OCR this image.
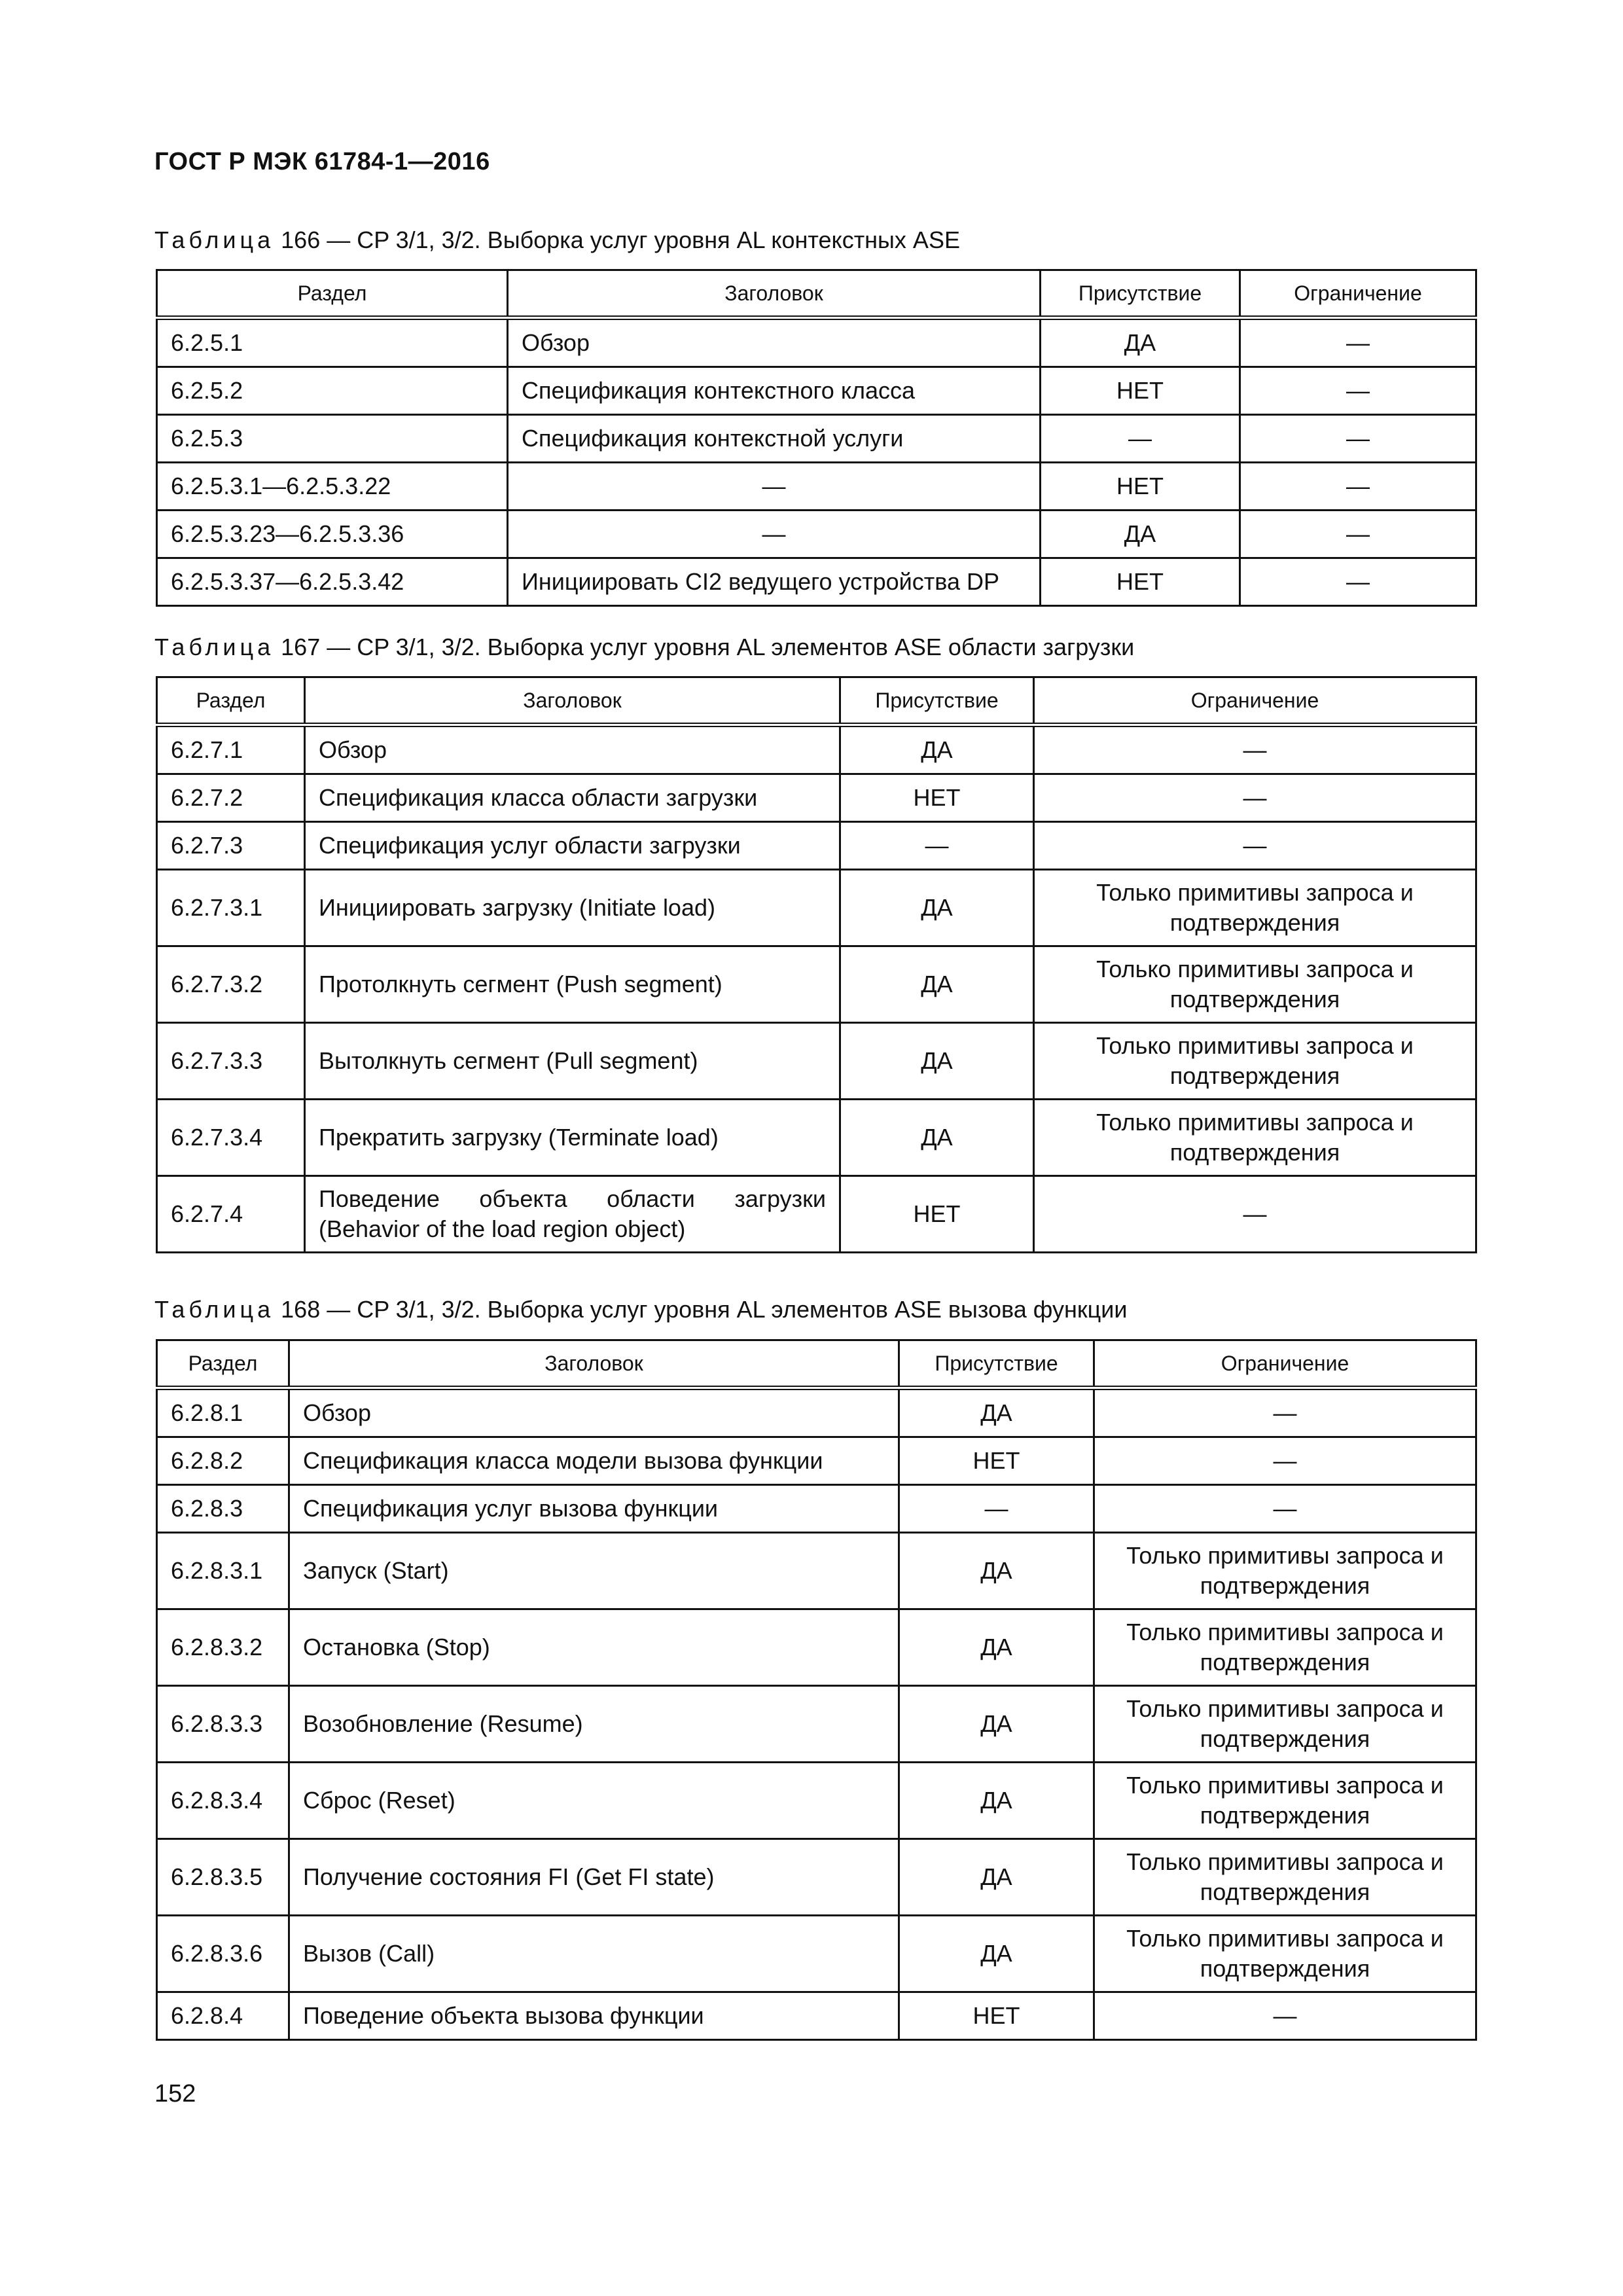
ГОСТ Р МЭК 61784-1—2016
Таблица 166 — CP 3/1, 3/2. Выборка услуг уровня AL контекстных ASE
Раздел	Заголовок	Присутствие	Ограничение
6.2.5.1	Обзор	ДА	—
6.2.5.2	Спецификация контекстного класса	НЕТ	—
6.2.5.3	Спецификация контекстной услуги	—	—
6.2.5.3.1—6.2.5.3.22	—	НЕТ	—
6.2.5.3.23—6.2.5.3.36	—	ДА	—
6.2.5.3.37—6.2.5.3.42	Инициировать CI2 ведущего устройства DP	НЕТ	—
Таблица 167 — CP 3/1, 3/2. Выборка услуг уровня AL элементов ASE области загрузки
Раздел	Заголовок	Присутствие	Ограничение
6.2.7.1	Обзор	ДА	—
6.2.7.2	Спецификация класса области загрузки	НЕТ	—
6.2.7.3	Спецификация услуг области загрузки	—	—
6.2.7.3.1	Инициировать загрузку (Initiate load)	ДА	Только примитивы запроса и подтверждения
6.2.7.3.2	Протолкнуть сегмент (Push segment)	ДА	Только примитивы запроса и подтверждения
6.2.7.3.3	Вытолкнуть сегмент (Pull segment)	ДА	Только примитивы запроса и подтверждения
6.2.7.3.4	Прекратить загрузку (Terminate load)	ДА	Только примитивы запроса и подтверждения
6.2.7.4	Поведение объекта области загрузки (Behavior of the load region object)	НЕТ	—
Таблица 168 — CP 3/1, 3/2. Выборка услуг уровня AL элементов ASE вызова функции
Раздел	Заголовок	Присутствие	Ограничение
6.2.8.1	Обзор	ДА	—
6.2.8.2	Спецификация класса модели вызова функции	НЕТ	—
6.2.8.3	Спецификация услуг вызова функции	—	—
6.2.8.3.1	Запуск (Start)	ДА	Только примитивы запроса и подтверждения
6.2.8.3.2	Остановка (Stop)	ДА	Только примитивы запроса и подтверждения
6.2.8.3.3	Возобновление (Resume)	ДА	Только примитивы запроса и подтверждения
6.2.8.3.4	Сброс (Reset)	ДА	Только примитивы запроса и подтверждения
6.2.8.3.5	Получение состояния FI (Get FI state)	ДА	Только примитивы запроса и подтверждения
6.2.8.3.6	Вызов (Call)	ДА	Только примитивы запроса и подтверждения
6.2.8.4	Поведение объекта вызова функции	НЕТ	—
152
